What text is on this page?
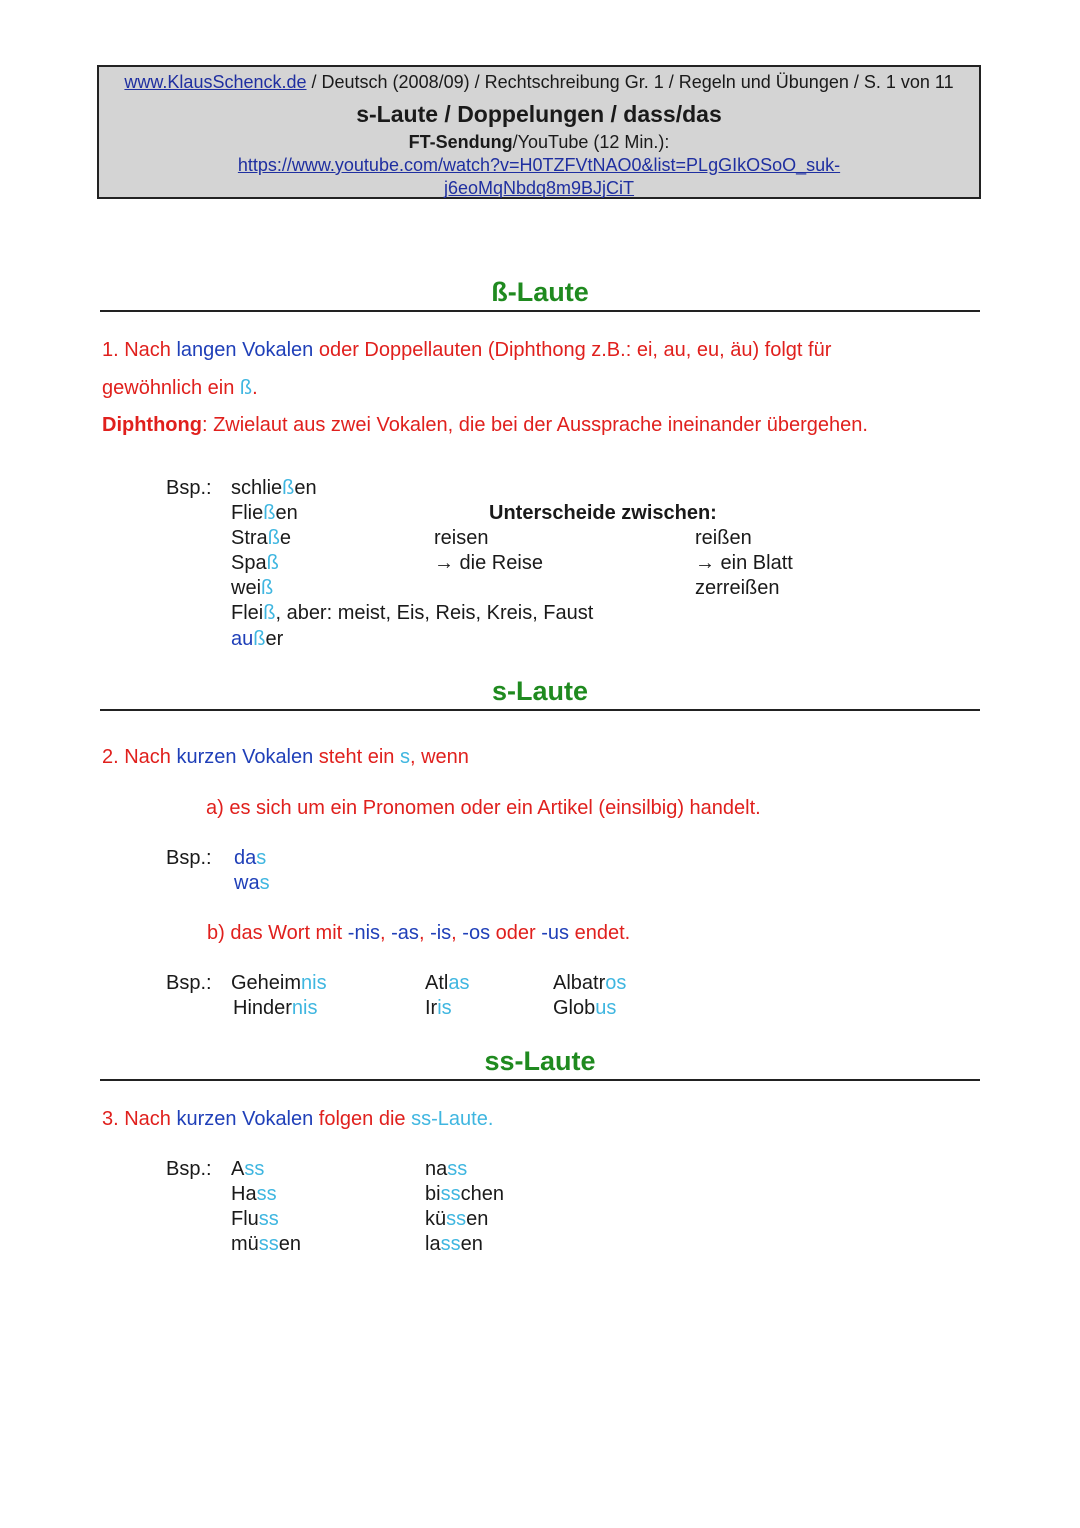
www.KlausSchenck.de / Deutsch (2008/09) / Rechtschreibung Gr. 1 / Regeln und Übungen / S. 1 von 11
s-Laute / Doppelungen / dass/das
FT-Sendung/YouTube (12 Min.):
https://www.youtube.com/watch?v=H0TZFVtNAO0&list=PLgGIkOSoO_suk-
j6eoMqNbdq8m9BJjCiT
ß-Laute
1. Nach langen Vokalen oder Doppellauten (Diphthong z.B.: ei, au, eu, äu) folgt für
gewöhnlich ein ß.
Diphthong: Zwielaut aus zwei Vokalen, die bei der Aussprache ineinander übergehen.
Bsp.: schließen
Fließen
Straße
Spaß
weiß
Fleiß, aber: meist, Eis, Reis, Kreis, Faust
außer
Unterscheide zwischen:
reisen
→ die Reise
reißen
→ ein Blatt
zerreißen
s-Laute
2. Nach kurzen Vokalen steht ein s, wenn
a) es sich um ein Pronomen oder ein Artikel (einsilbig) handelt.
Bsp.: das
was
b) das Wort mit -nis, -as, -is, -os oder -us endet.
Bsp.: Geheimnis
Hindernis
Atlas
Iris
Albatros
Globus
ss-Laute
3. Nach kurzen Vokalen folgen die ss-Laute.
Bsp.: Ass
Hass
Fluss
müssen
nass
bisschen
küssen
lassen
